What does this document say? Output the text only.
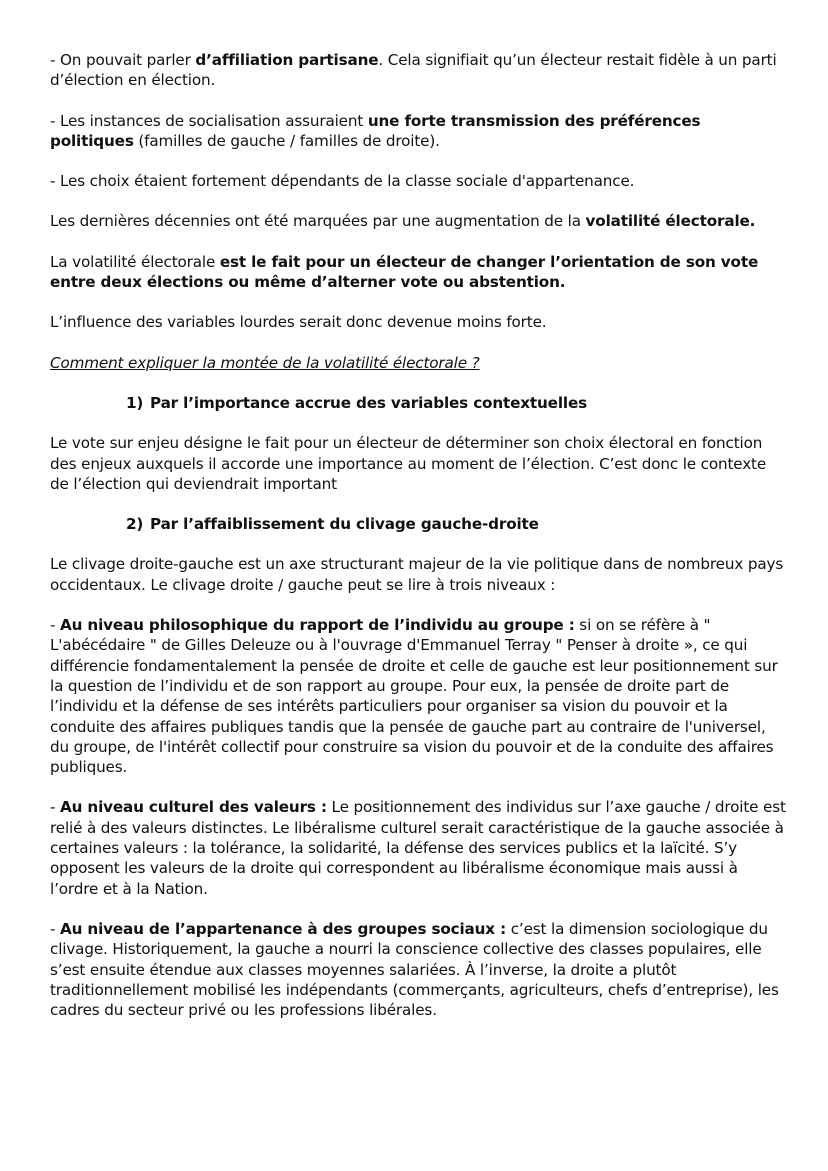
- On pouvait parler d’affiliation partisane. Cela signifiait qu’un électeur restait fidèle à un parti d’élection en élection.

- Les instances de socialisation assuraient une forte transmission des préférences politiques (familles de gauche / familles de droite).

- Les choix étaient fortement dépendants de la classe sociale d'appartenance.

Les dernières décennies ont été marquées par une augmentation de la volatilité électorale.

La volatilité électorale est le fait pour un électeur de changer l’orientation de son vote entre deux élections ou même d’alterner vote ou abstention.

L’influence des variables lourdes serait donc devenue moins forte.

Comment expliquer la montée de la volatilité électorale ?

1) Par l’importance accrue des variables contextuelles

Le vote sur enjeu désigne le fait pour un électeur de déterminer son choix électoral en fonction des enjeux auxquels il accorde une importance au moment de l’élection. C’est donc le contexte de l’élection qui deviendrait important

2) Par l’affaiblissement du clivage gauche-droite

Le clivage droite-gauche est un axe structurant majeur de la vie politique dans de nombreux pays occidentaux. Le clivage droite / gauche peut se lire à trois niveaux :

- Au niveau philosophique du rapport de l’individu au groupe : si on se réfère à " L'abécédaire " de Gilles Deleuze ou à l'ouvrage d'Emmanuel Terray " Penser à droite », ce qui différencie fondamentalement la pensée de droite et celle de gauche est leur positionnement sur la question de l’individu et de son rapport au groupe. Pour eux, la pensée de droite part de l’individu et la défense de ses intérêts particuliers pour organiser sa vision du pouvoir et la conduite des affaires publiques tandis que la pensée de gauche part au contraire de l'universel, du groupe, de l'intérêt collectif pour construire sa vision du pouvoir et de la conduite des affaires publiques.

- Au niveau culturel des valeurs : Le positionnement des individus sur l’axe gauche / droite est relié à des valeurs distinctes. Le libéralisme culturel serait caractéristique de la gauche associée à certaines valeurs : la tolérance, la solidarité, la défense des services publics et la laïcité. S’y opposent les valeurs de la droite qui correspondent au libéralisme économique mais aussi à l’ordre et à la Nation.

- Au niveau de l’appartenance à des groupes sociaux : c’est la dimension sociologique du clivage. Historiquement, la gauche a nourri la conscience collective des classes populaires, elle s’est ensuite étendue aux classes moyennes salariées. À l’inverse, la droite a plutôt traditionnellement mobilisé les indépendants (commerçants, agriculteurs, chefs d’entreprise), les cadres du secteur privé ou les professions libérales.
